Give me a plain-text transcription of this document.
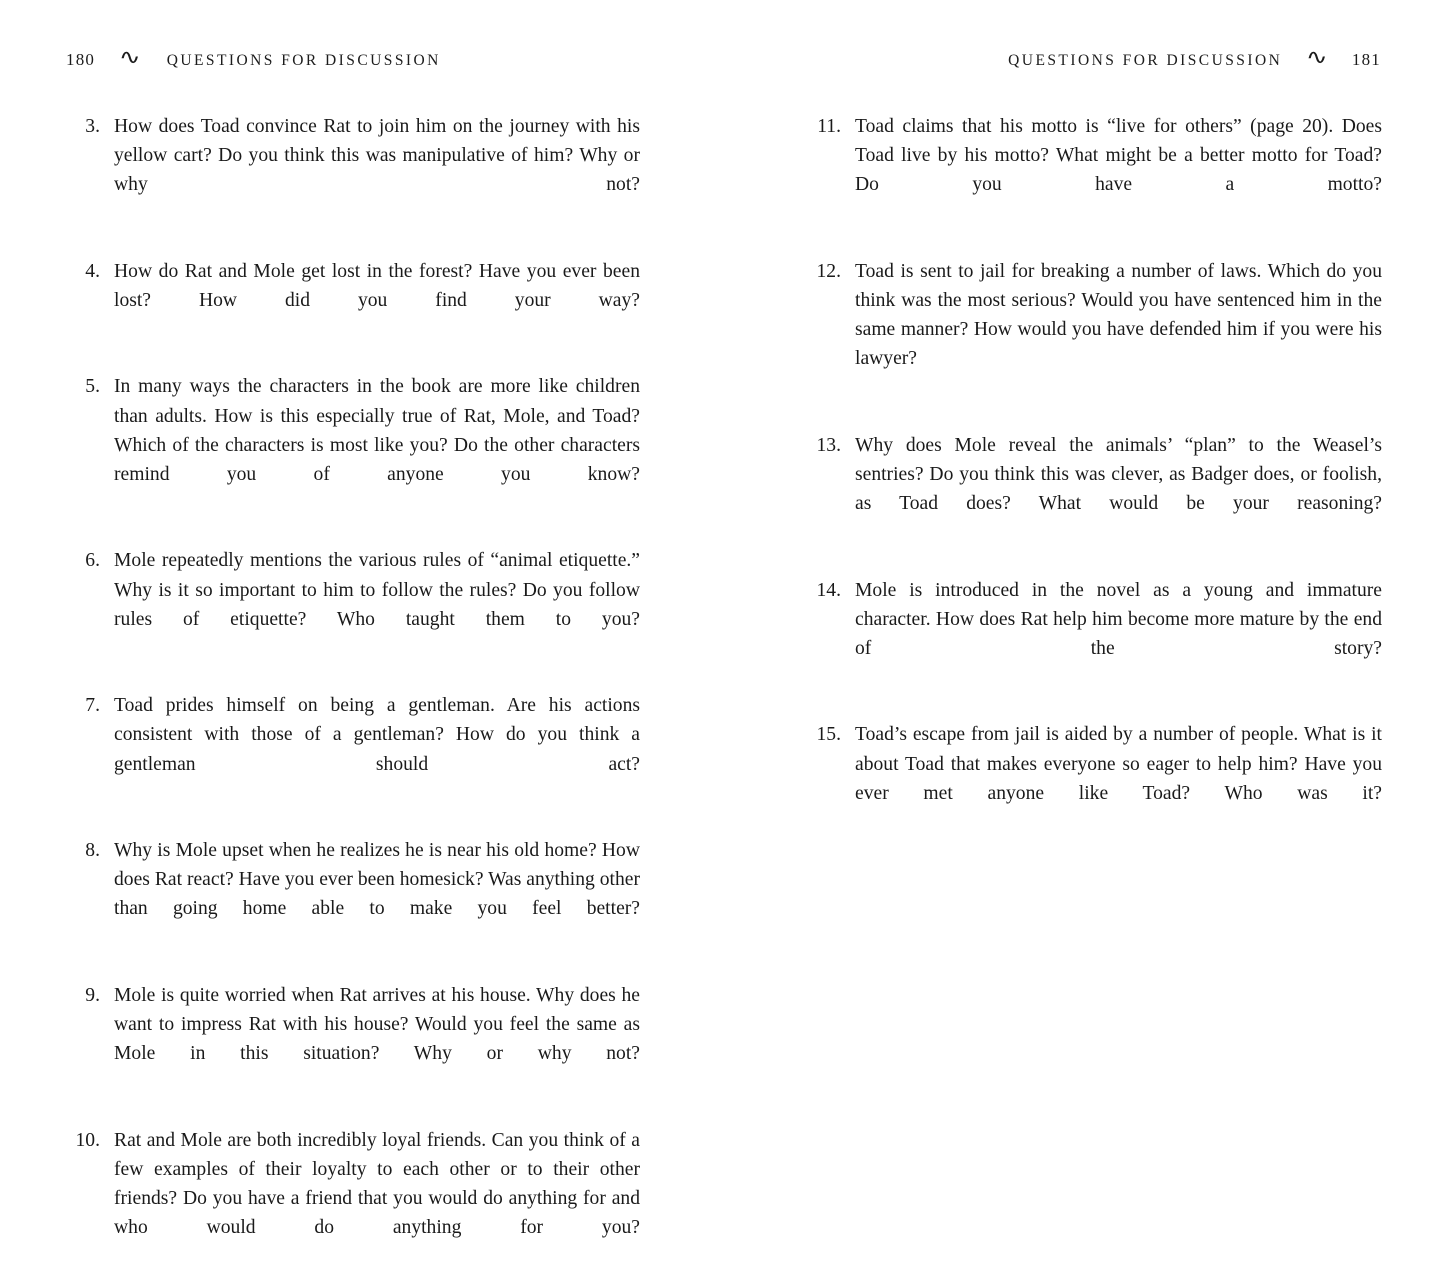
180 ∿ QUESTIONS FOR DISCUSSION	QUESTIONS FOR DISCUSSION ∿ 181
3. How does Toad convince Rat to join him on the journey with his yellow cart? Do you think this was manipulative of him? Why or why not?
4. How do Rat and Mole get lost in the forest? Have you ever been lost? How did you find your way?
5. In many ways the characters in the book are more like children than adults. How is this especially true of Rat, Mole, and Toad? Which of the characters is most like you? Do the other characters remind you of anyone you know?
6. Mole repeatedly mentions the various rules of “animal etiquette.” Why is it so important to him to follow the rules? Do you follow rules of etiquette? Who taught them to you?
7. Toad prides himself on being a gentleman. Are his actions consistent with those of a gentleman? How do you think a gentleman should act?
8. Why is Mole upset when he realizes he is near his old home? How does Rat react? Have you ever been homesick? Was anything other than going home able to make you feel better?
9. Mole is quite worried when Rat arrives at his house. Why does he want to impress Rat with his house? Would you feel the same as Mole in this situation? Why or why not?
10. Rat and Mole are both incredibly loyal friends. Can you think of a few examples of their loyalty to each other or to their other friends? Do you have a friend that you would do anything for and who would do anything for you?
11. Toad claims that his motto is “live for others” (page 20). Does Toad live by his motto? What might be a better motto for Toad? Do you have a motto?
12. Toad is sent to jail for breaking a number of laws. Which do you think was the most serious? Would you have sentenced him in the same manner? How would you have defended him if you were his lawyer?
13. Why does Mole reveal the animals’ “plan” to the Weasel’s sentries? Do you think this was clever, as Badger does, or foolish, as Toad does? What would be your reasoning?
14. Mole is introduced in the novel as a young and immature character. How does Rat help him become more mature by the end of the story?
15. Toad’s escape from jail is aided by a number of people. What is it about Toad that makes everyone so eager to help him? Have you ever met anyone like Toad? Who was it?
